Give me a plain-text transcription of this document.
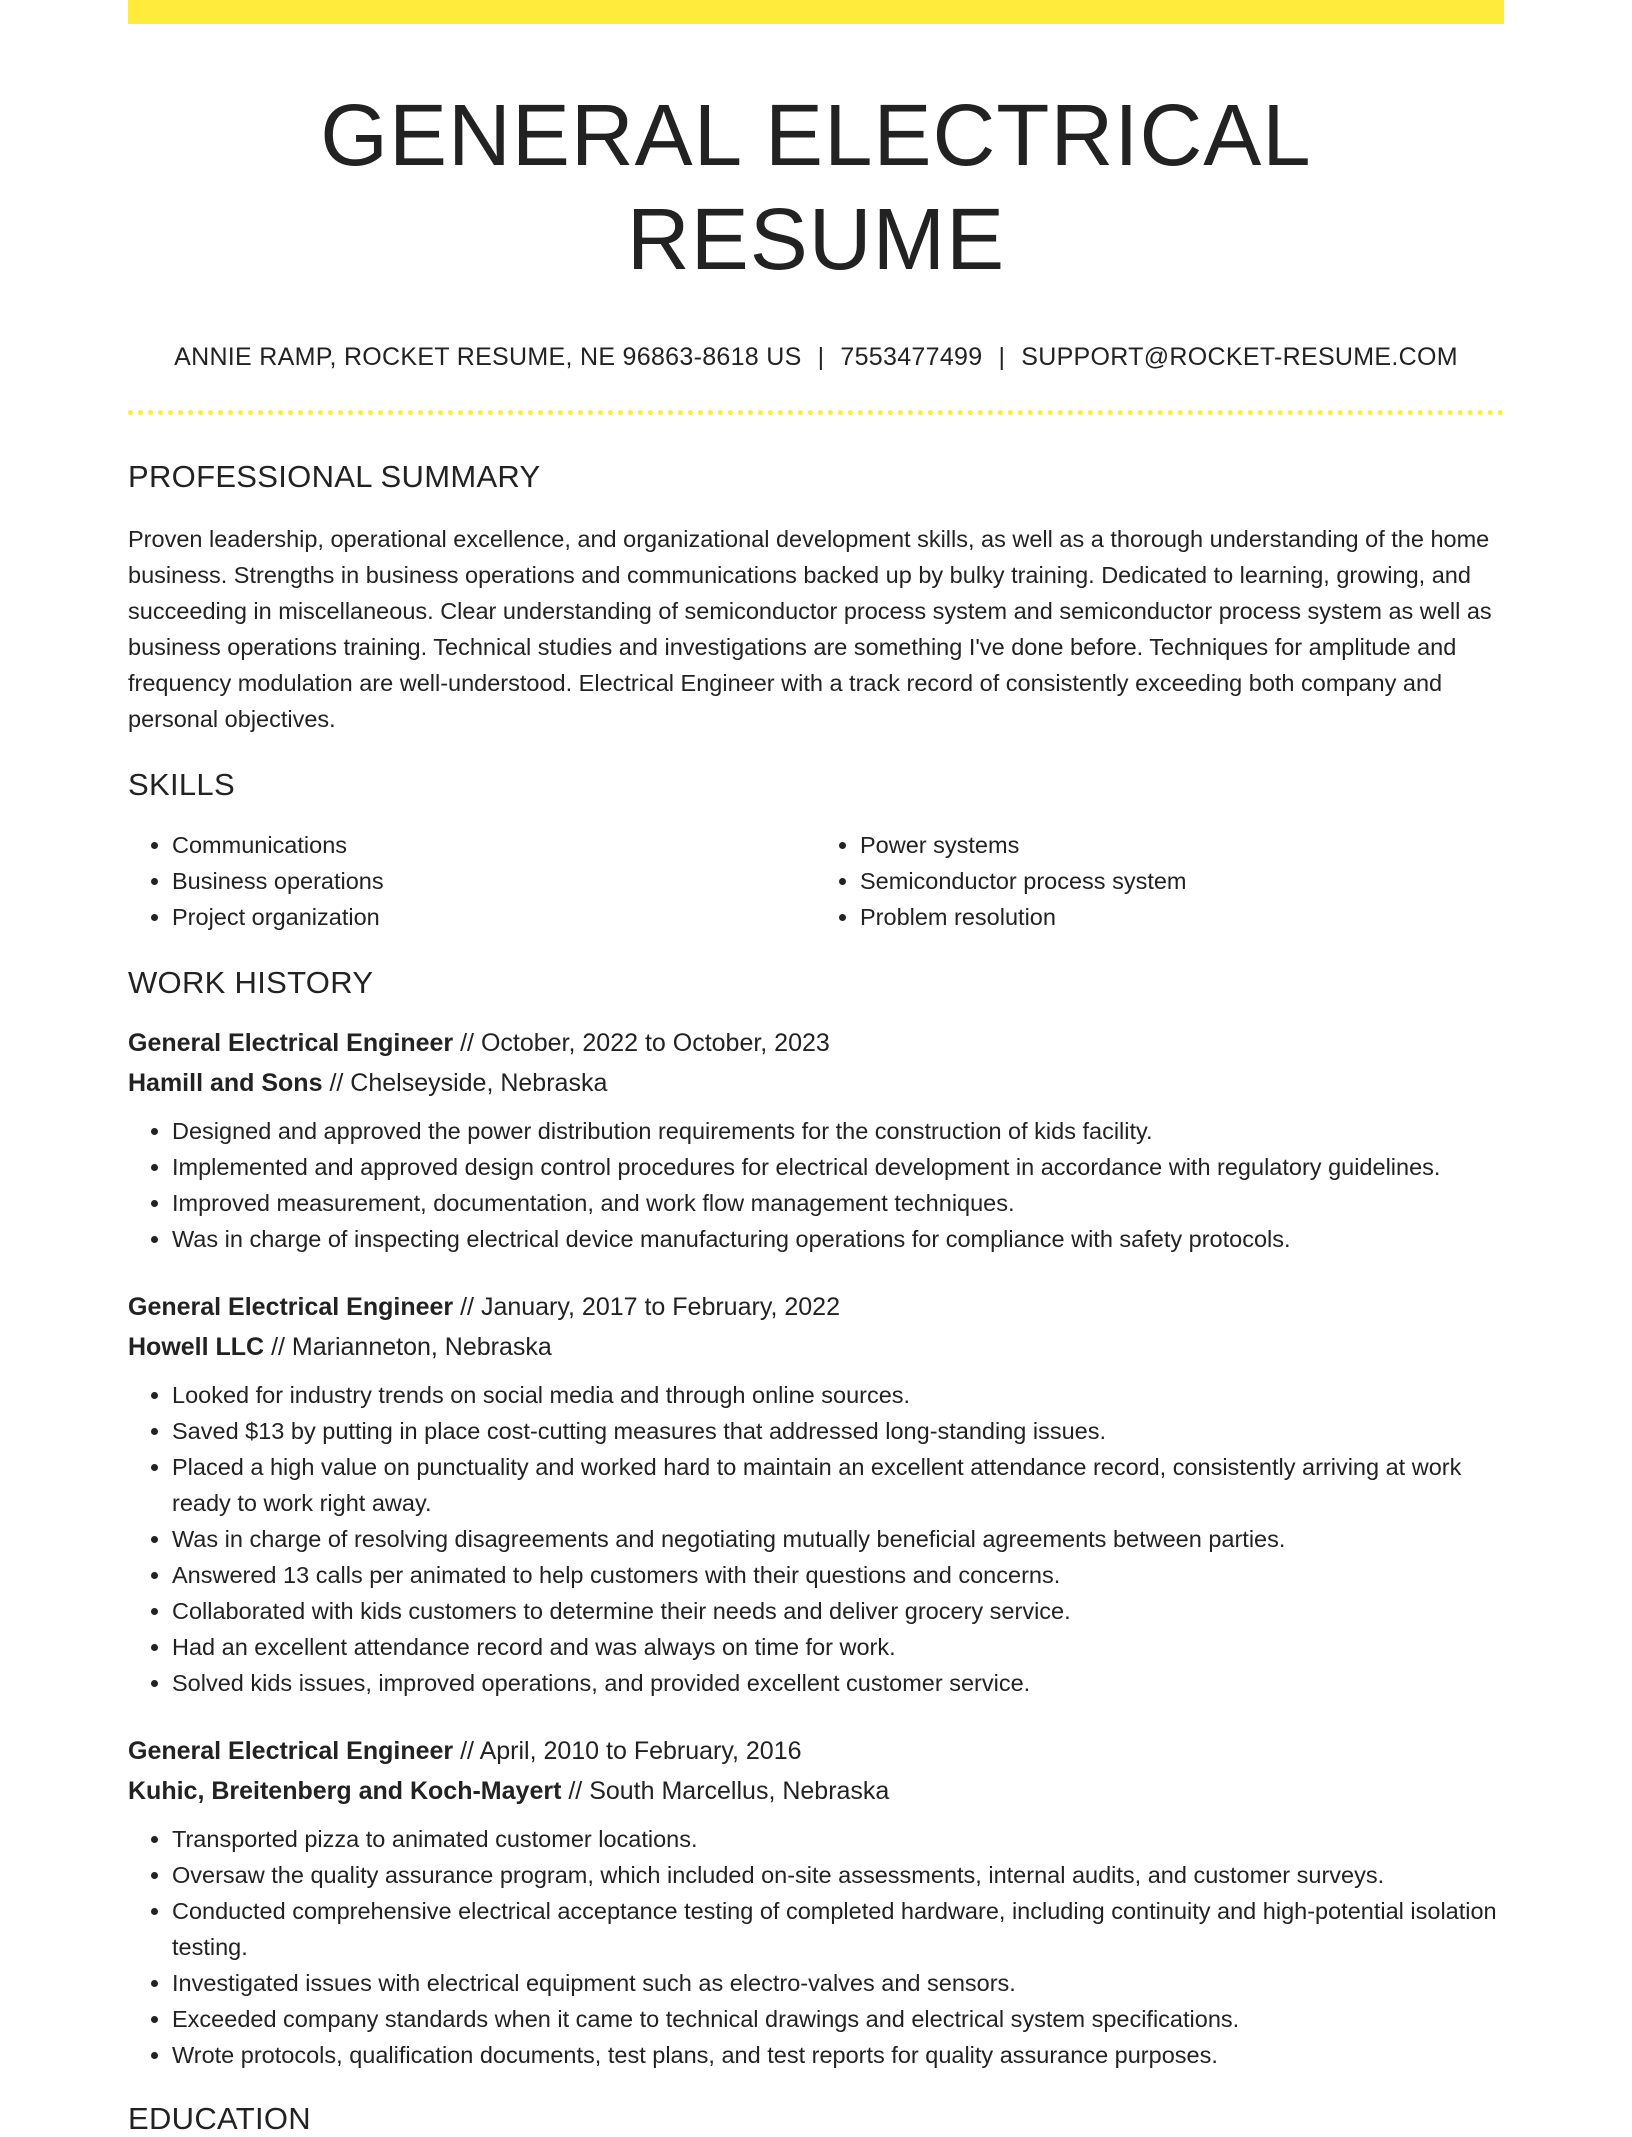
GENERAL ELECTRICAL RESUME
ANNIE RAMP, ROCKET RESUME, NE 96863-8618 US | 7553477499 | SUPPORT@ROCKET-RESUME.COM
PROFESSIONAL SUMMARY

Proven leadership, operational excellence, and organizational development skills, as well as a thorough understanding of the home business. Strengths in business operations and communications backed up by bulky training. Dedicated to learning, growing, and succeeding in miscellaneous. Clear understanding of semiconductor process system and semiconductor process system as well as business operations training. Technical studies and investigations are something I've done before. Techniques for amplitude and frequency modulation are well-understood. Electrical Engineer with a track record of consistently exceeding both company and personal objectives.

SKILLS
• Communications
• Business operations
• Project organization
• Power systems
• Semiconductor process system
• Problem resolution
WORK HISTORY
General Electrical Engineer // October, 2022 to October, 2023
Hamill and Sons // Chelseyside, Nebraska
• Designed and approved the power distribution requirements for the construction of kids facility.
• Implemented and approved design control procedures for electrical development in accordance with regulatory guidelines.
• Improved measurement, documentation, and work flow management techniques.
• Was in charge of inspecting electrical device manufacturing operations for compliance with safety protocols.
General Electrical Engineer // January, 2017 to February, 2022
Howell LLC // Marianneton, Nebraska
• Looked for industry trends on social media and through online sources.
• Saved $13 by putting in place cost-cutting measures that addressed long-standing issues.
• Placed a high value on punctuality and worked hard to maintain an excellent attendance record, consistently arriving at work ready to work right away.
• Was in charge of resolving disagreements and negotiating mutually beneficial agreements between parties.
• Answered 13 calls per animated to help customers with their questions and concerns.
• Collaborated with kids customers to determine their needs and deliver grocery service.
• Had an excellent attendance record and was always on time for work.
• Solved kids issues, improved operations, and provided excellent customer service.
General Electrical Engineer // April, 2010 to February, 2016
Kuhic, Breitenberg and Koch-Mayert // South Marcellus, Nebraska
• Transported pizza to animated customer locations.
• Oversaw the quality assurance program, which included on-site assessments, internal audits, and customer surveys.
• Conducted comprehensive electrical acceptance testing of completed hardware, including continuity and high-potential isolation testing.
• Investigated issues with electrical equipment such as electro-valves and sensors.
• Exceeded company standards when it came to technical drawings and electrical system specifications.
• Wrote protocols, qualification documents, test plans, and test reports for quality assurance purposes.
EDUCATION
